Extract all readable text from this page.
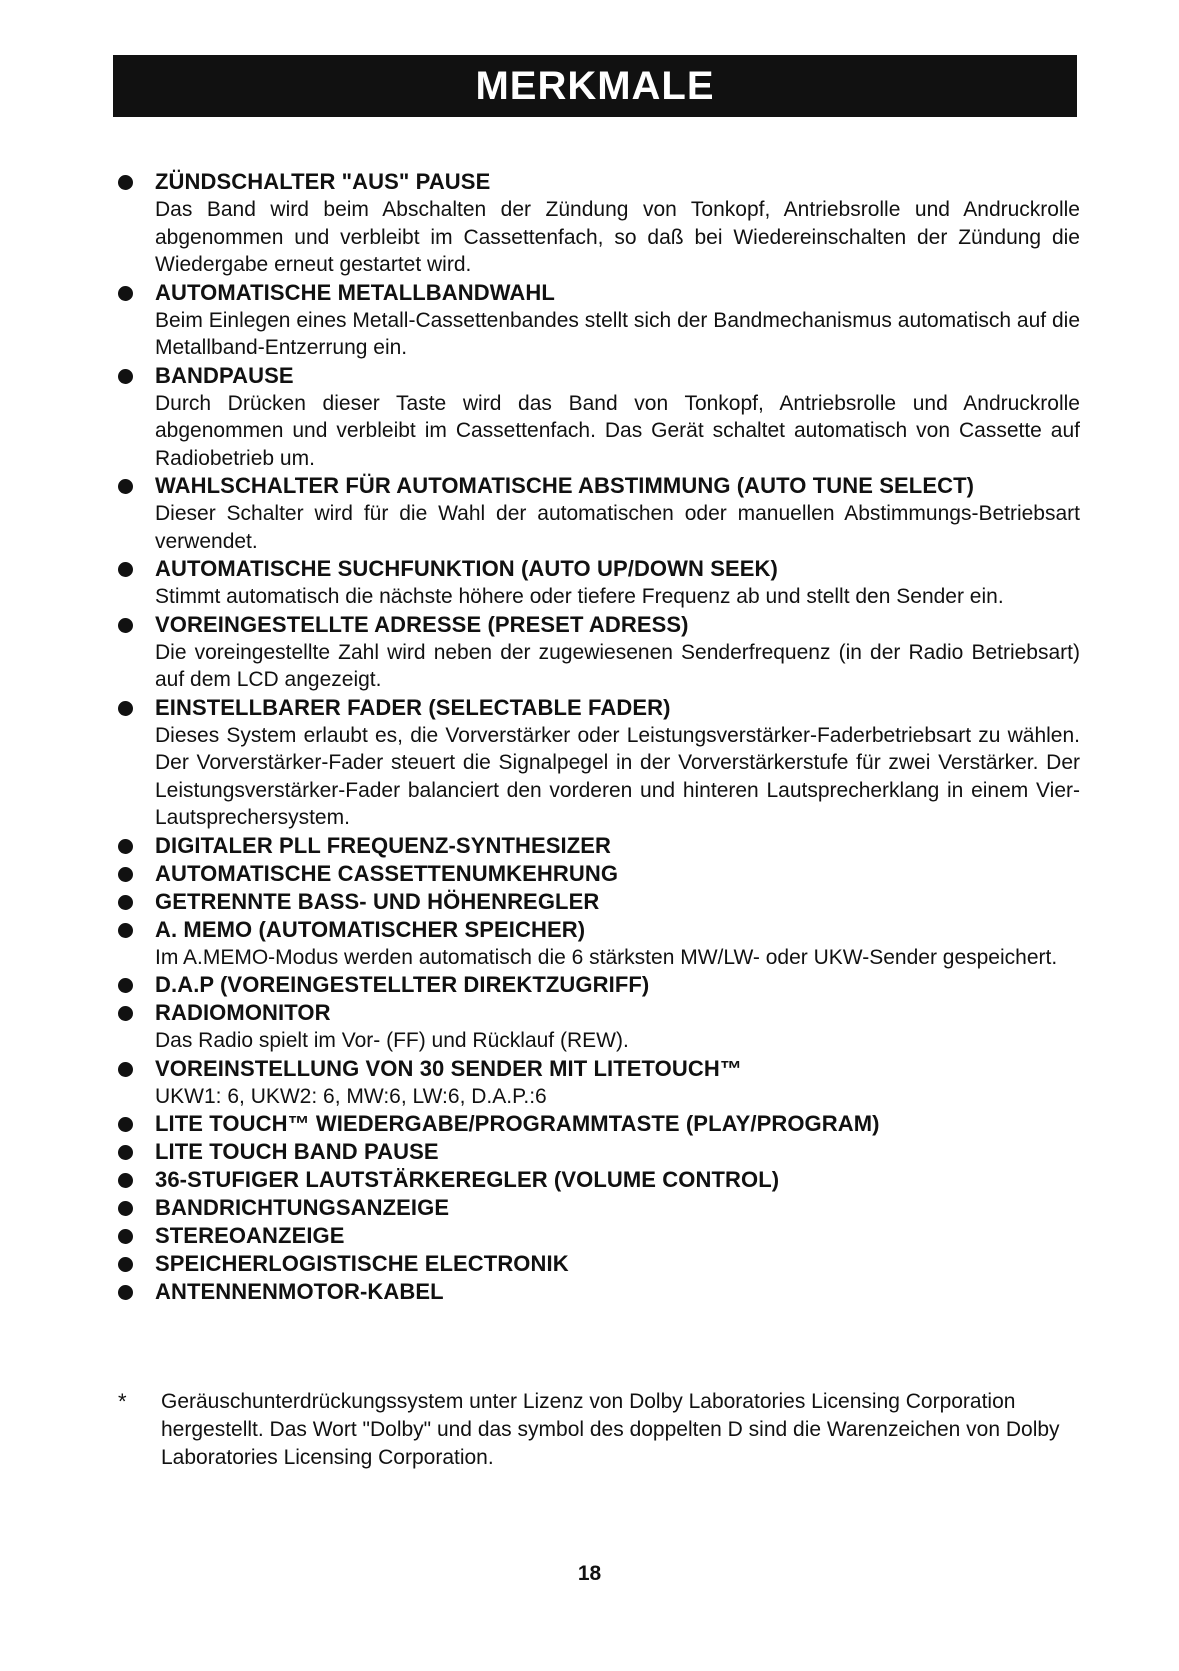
MERKMALE
ZÜNDSCHALTER "AUS" PAUSE
Das Band wird beim Abschalten der Zündung von Tonkopf, Antriebsrolle und Andruckrolle abgenommen und verbleibt im Cassettenfach, so daß bei Wiedereinschalten der Zündung die Wiedergabe erneut gestartet wird.
AUTOMATISCHE METALLBANDWAHL
Beim Einlegen eines Metall-Cassettenbandes stellt sich der Bandmechanismus automatisch auf die Metallband-Entzerrung ein.
BANDPAUSE
Durch Drücken dieser Taste wird das Band von Tonkopf, Antriebsrolle und Andruckrolle abgenommen und verbleibt im Cassettenfach. Das Gerät schaltet automatisch von Cassette auf Radiobetrieb um.
WAHLSCHALTER FÜR AUTOMATISCHE ABSTIMMUNG (AUTO TUNE SELECT)
Dieser Schalter wird für die Wahl der automatischen oder manuellen Abstimmungs-Betriebsart verwendet.
AUTOMATISCHE SUCHFUNKTION (AUTO UP/DOWN SEEK)
Stimmt automatisch die nächste höhere oder tiefere Frequenz ab und stellt den Sender ein.
VOREINGESTELLTE ADRESSE (PRESET ADRESS)
Die voreingestellte Zahl wird neben der zugewiesenen Senderfrequenz (in der Radio Betriebsart) auf dem LCD angezeigt.
EINSTELLBARER FADER (SELECTABLE FADER)
Dieses System erlaubt es, die Vorverstärker oder Leistungsverstärker-Faderbetriebsart zu wählen. Der Vorverstärker-Fader steuert die Signalpegel in der Vorverstärkerstufe für zwei Verstärker. Der Leistungsverstärker-Fader balanciert den vorderen und hinteren Lautsprecherklang in einem Vier-Lautsprechersystem.
DIGITALER PLL FREQUENZ-SYNTHESIZER
AUTOMATISCHE CASSETTENUMKEHRUNG
GETRENNTE BASS- UND HÖHENREGLER
A. MEMO (AUTOMATISCHER SPEICHER)
Im A.MEMO-Modus werden automatisch die 6 stärksten MW/LW- oder UKW-Sender gespeichert.
D.A.P (VOREINGESTELLTER DIREKTZUGRIFF)
RADIOMONITOR
Das Radio spielt im Vor- (FF) und Rücklauf (REW).
VOREINSTELLUNG VON 30 SENDER MIT LITETOUCH™
UKW1: 6, UKW2: 6, MW:6, LW:6, D.A.P.:6
LITE TOUCH™ WIEDERGABE/PROGRAMMTASTE (PLAY/PROGRAM)
LITE TOUCH BAND PAUSE
36-STUFIGER LAUTSTÄRKEREGLER (VOLUME CONTROL)
BANDRICHTUNGSANZEIGE
STEREOANZEIGE
SPEICHERLOGISTISCHE ELECTRONIK
ANTENNENMOTOR-KABEL
* Geräuschunterdrückungssystem unter Lizenz von Dolby Laboratories Licensing Corporation hergestellt. Das Wort "Dolby" und das symbol des doppelten D sind die Warenzeichen von Dolby Laboratories Licensing Corporation.

18
